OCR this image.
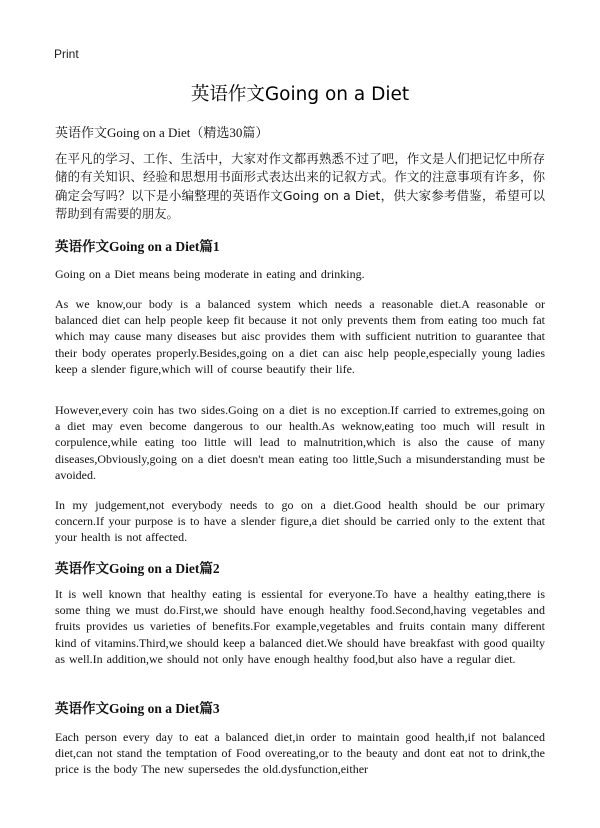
Print
英语作文Going on a Diet
英语作文Going on a Diet（精选30篇）
在平凡的学习、工作、生活中，大家对作文都再熟悉不过了吧，作文是人们把记忆中所存储的有关知识、经验和思想用书面形式表达出来的记叙方式。作文的注意事项有许多，你确定会写吗？以下是小编整理的英语作文Going on a Diet，供大家参考借鉴，希望可以帮助到有需要的朋友。
英语作文Going on a Diet篇1
Going on a Diet means being moderate in eating and drinking.
As we know,our body is a balanced system which needs a reasonable diet.A reasonable or balanced diet can help people keep fit because it not only prevents them from eating too much fat which may cause many diseases but aisc provides them with sufficient nutrition to guarantee that their body operates properly.Besides,going on a diet can aisc help people,especially young ladies keep a slender figure,which will of course beautify their life.
However,every coin has two sides.Going on a diet is no exception.If carried to extremes,going on a diet may even become dangerous to our health.As weknow,eating too much will result in corpulence,while eating too little will lead to malnutrition,which is also the cause of many diseases,Obviously,going on a diet doesn't mean eating too little,Such a misunderstanding must be avoided.
In my judgement,not everybody needs to go on a diet.Good health should be our primary concern.If your purpose is to have a slender figure,a diet should be carried only to the extent that your health is not affected.
英语作文Going on a Diet篇2
It is well known that healthy eating is essiental for everyone.To have a healthy eating,there is some thing we must do.First,we should have enough healthy food.Second,having vegetables and fruits provides us varieties of benefits.For example,vegetables and fruits contain many different kind of vitamins.Third,we should keep a balanced diet.We should have breakfast with good quailty as well.In addition,we should not only have enough healthy food,but also have a regular diet.
英语作文Going on a Diet篇3
Each person every day to eat a balanced diet,in order to maintain good health,if not balanced diet,can not stand the temptation of Food overeating,or to the beauty and dont eat not to drink,the price is the body The new supersedes the old.dysfunction,either
